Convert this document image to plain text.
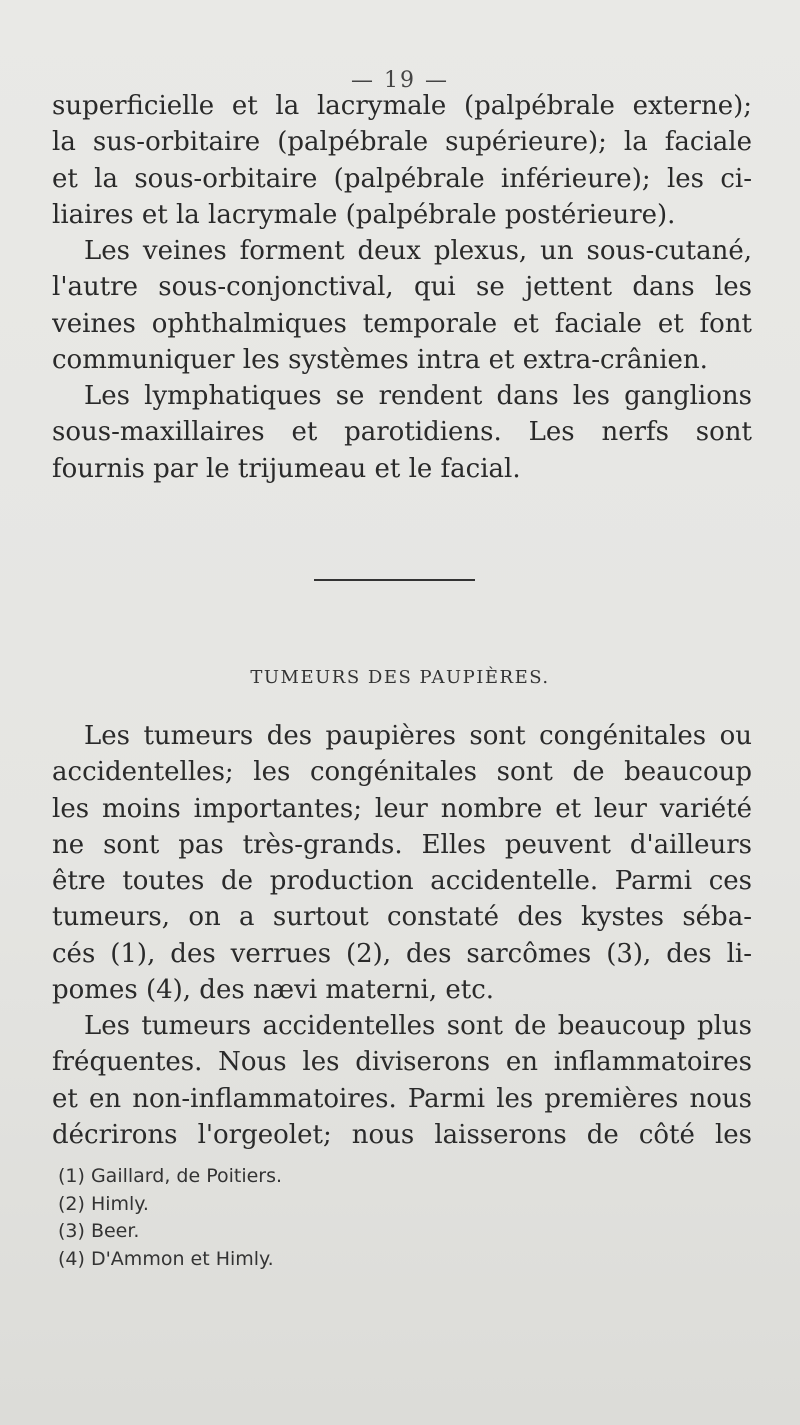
— 19 —
superficielle et la lacrymale (palpébrale externe);
la sus-orbitaire (palpébrale supérieure); la faciale
et la sous-orbitaire (palpébrale inférieure); les ci-
liaires et la lacrymale (palpébrale postérieure).
Les veines forment deux plexus, un sous-cutané,
l'autre sous-conjonctival, qui se jettent dans les
veines ophthalmiques temporale et faciale et font
communiquer les systèmes intra et extra-crânien.
Les lymphatiques se rendent dans les ganglions
sous-maxillaires et parotidiens. Les nerfs sont
fournis par le trijumeau et le facial.
TUMEURS DES PAUPIÈRES.
Les tumeurs des paupières sont congénitales ou
accidentelles; les congénitales sont de beaucoup
les moins importantes; leur nombre et leur variété
ne sont pas très-grands. Elles peuvent d'ailleurs
être toutes de production accidentelle. Parmi ces
tumeurs, on a surtout constaté des kystes séba-
cés (1), des verrues (2), des sarcômes (3), des li-
pomes (4), des nævi materni, etc.
Les tumeurs accidentelles sont de beaucoup plus
fréquentes. Nous les diviserons en inflammatoires
et en non-inflammatoires. Parmi les premières nous
décrirons l'orgeolet; nous laisserons de côté les
(1) Gaillard, de Poitiers.
(2) Himly.
(3) Beer.
(4) D'Ammon et Himly.
